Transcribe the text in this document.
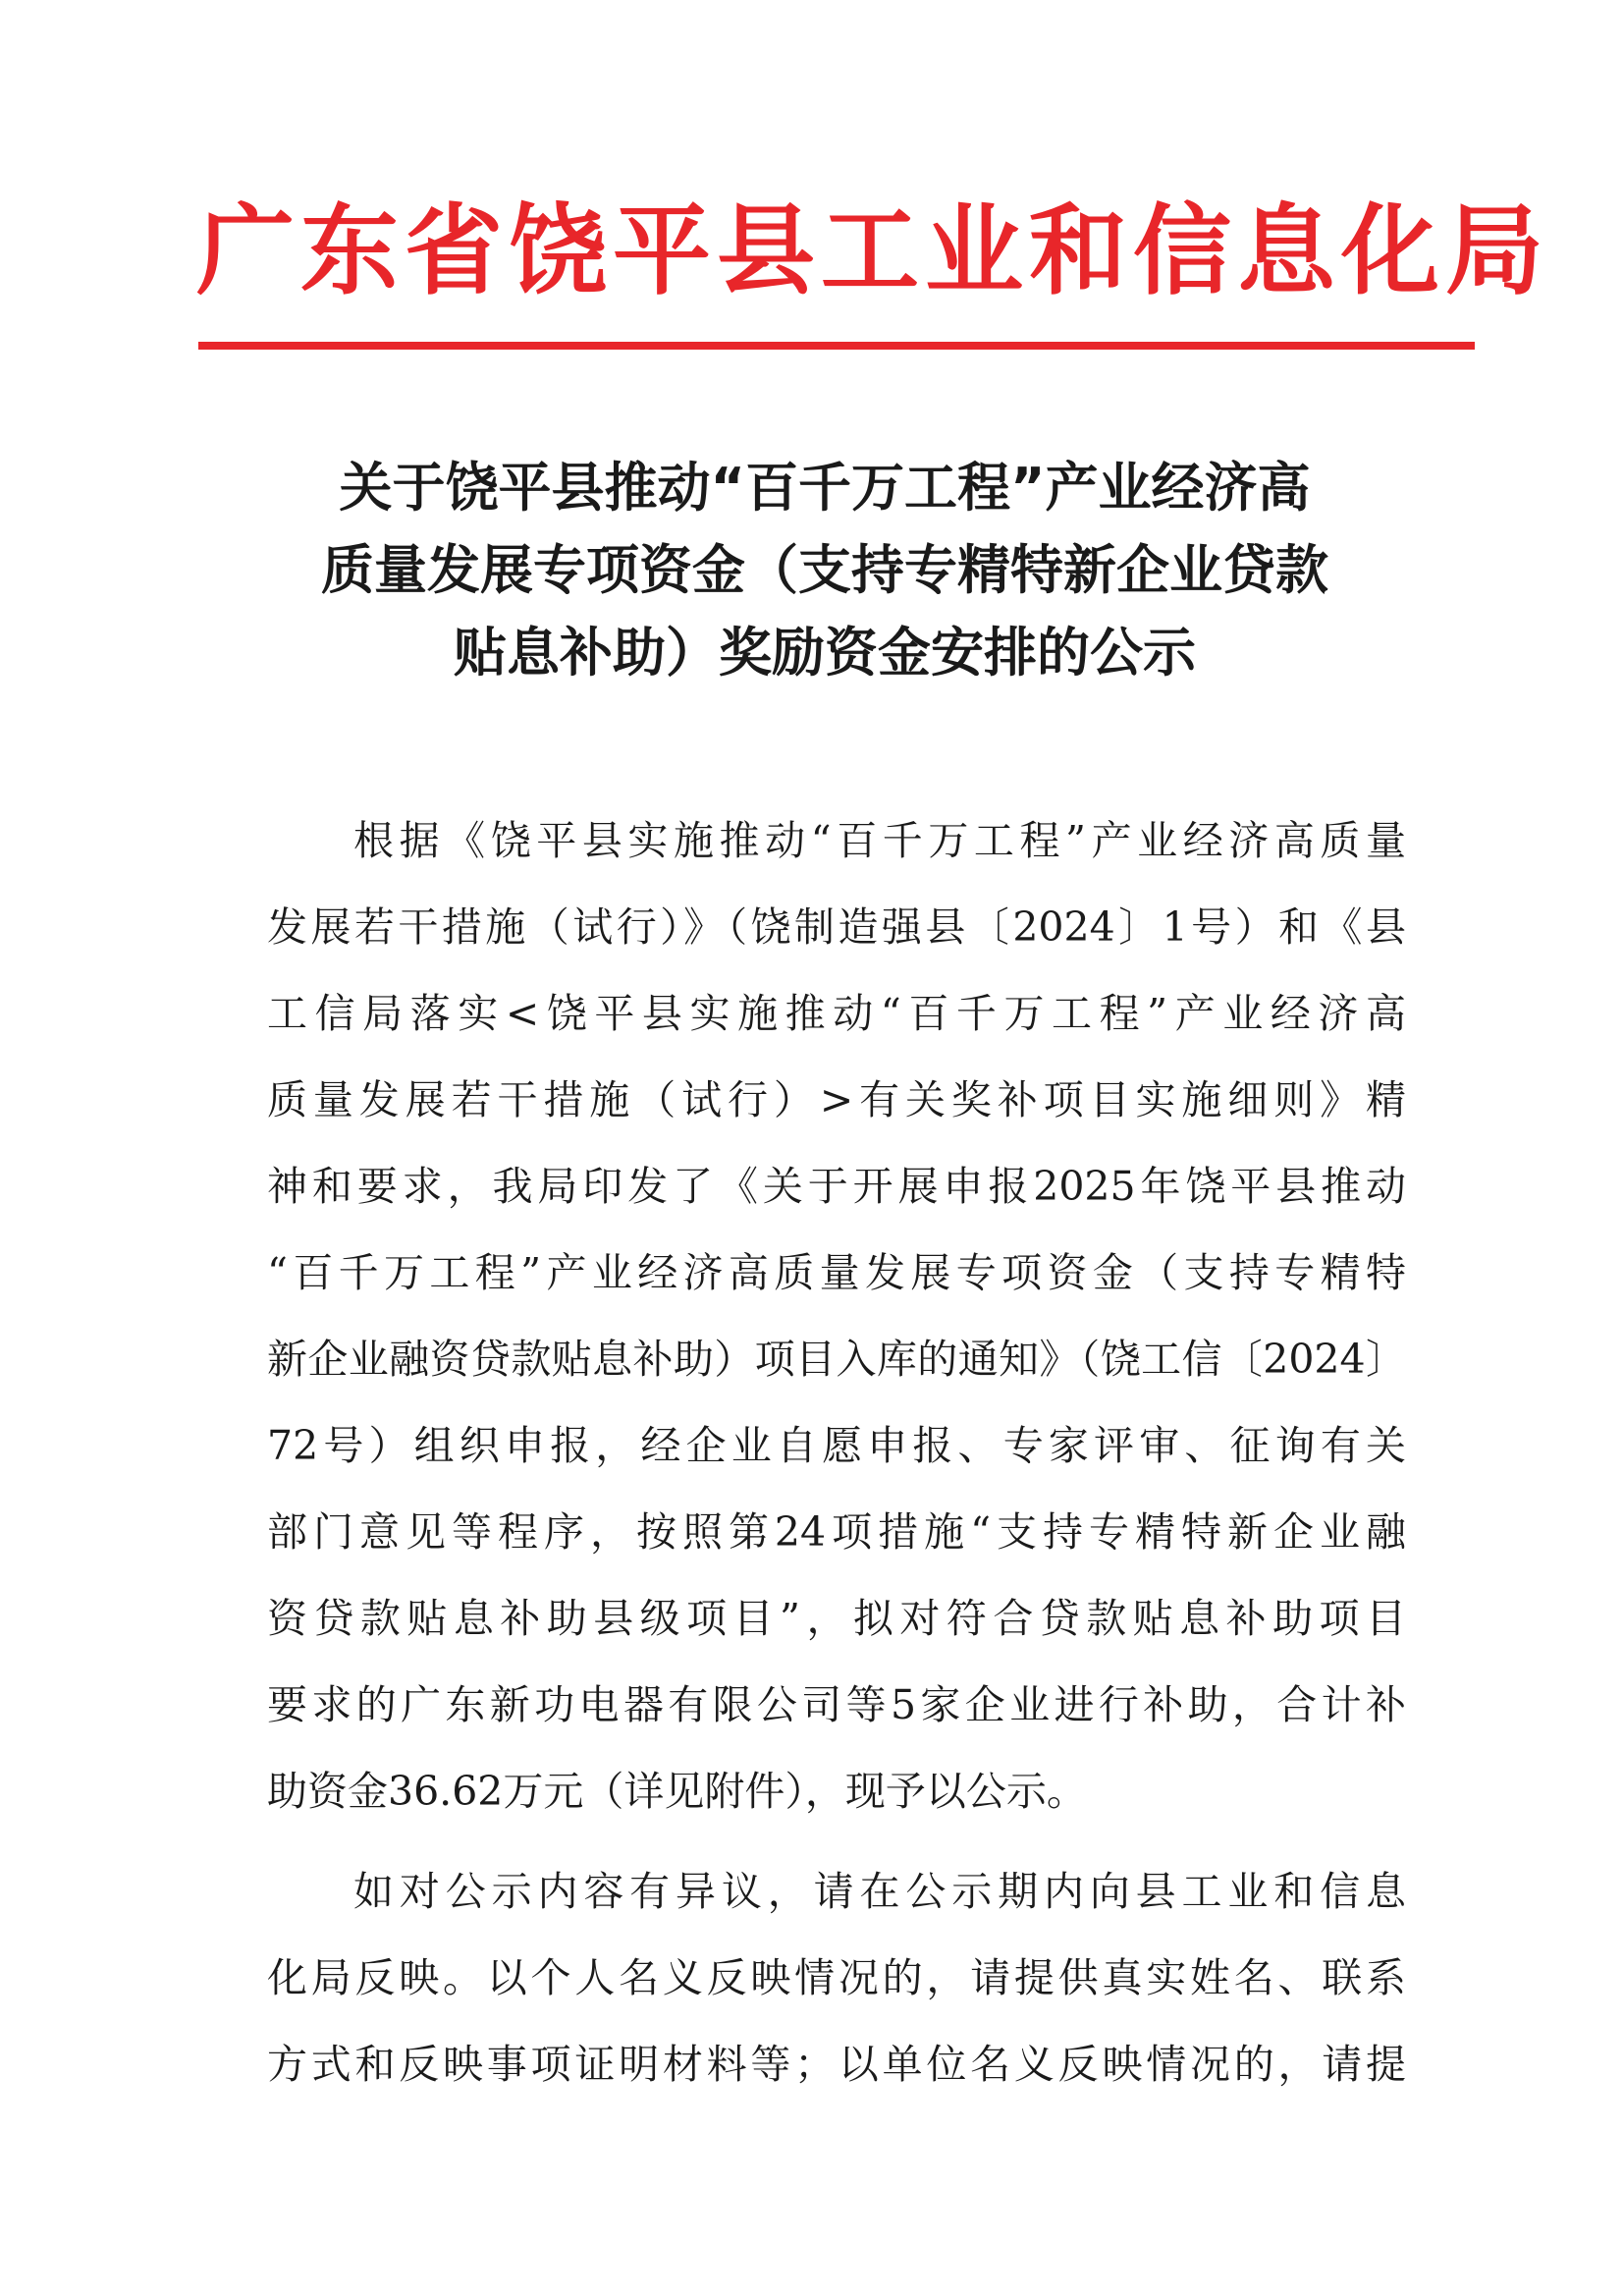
广东省饶平县工业和信息化局
关于饶平县推动“百千万工程”产业经济高
质量发展专项资金（支持专精特新企业贷款
贴息补助）奖励资金安排的公示
根据《饶平县实施推动“百千万工程”产业经济高质量
发展若干措施（试行）》（饶制造强县〔2024〕1号）和《县
工信局落实<饶平县实施推动“百千万工程”产业经济高
质量发展若干措施（试行）>有关奖补项目实施细则》精
神和要求，我局印发了《关于开展申报2025年饶平县推动
“百千万工程”产业经济高质量发展专项资金（支持专精特
新企业融资贷款贴息补助）项目入库的通知》（饶工信〔2024〕
72号）组织申报，经企业自愿申报、专家评审、征询有关
部门意见等程序，按照第24项措施“支持专精特新企业融
资贷款贴息补助县级项目”，拟对符合贷款贴息补助项目
要求的广东新功电器有限公司等5家企业进行补助，合计补
助资金36.62万元（详见附件），现予以公示。
如对公示内容有异议，请在公示期内向县工业和信息
化局反映。以个人名义反映情况的，请提供真实姓名、联系
方式和反映事项证明材料等；以单位名义反映情况的，请提
